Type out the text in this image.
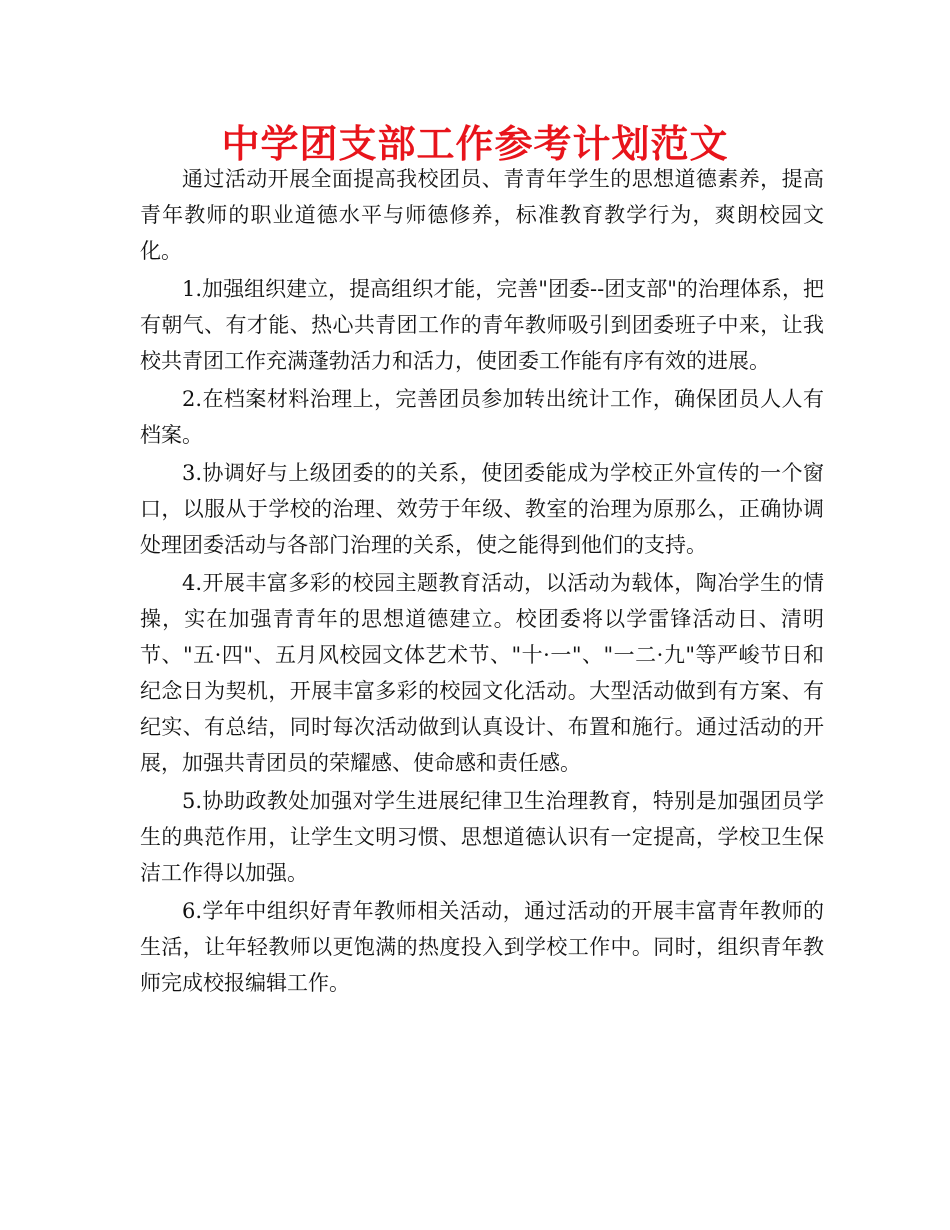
中学团支部工作参考计划范文

通过活动开展全面提高我校团员、青青年学生的思想道德素养，提高青年教师的职业道德水平与师德修养，标准教育教学行为，爽朗校园文化。

1.加强组织建立，提高组织才能，完善"团委--团支部"的治理体系，把有朝气、有才能、热心共青团工作的青年教师吸引到团委班子中来，让我校共青团工作充满蓬勃活力和活力，使团委工作能有序有效的进展。

2.在档案材料治理上，完善团员参加转出统计工作，确保团员人人有档案。

3.协调好与上级团委的的关系，使团委能成为学校正外宣传的一个窗口，以服从于学校的治理、效劳于年级、教室的治理为原那么，正确协调处理团委活动与各部门治理的关系，使之能得到他们的支持。

4.开展丰富多彩的校园主题教育活动，以活动为载体，陶冶学生的情操，实在加强青青年的思想道德建立。校团委将以学雷锋活动日、清明节、"五·四"、五月风校园文体艺术节、"十·一"、"一二·九"等严峻节日和纪念日为契机，开展丰富多彩的校园文化活动。大型活动做到有方案、有纪实、有总结，同时每次活动做到认真设计、布置和施行。通过活动的开展，加强共青团员的荣耀感、使命感和责任感。

5.协助政教处加强对学生进展纪律卫生治理教育，特别是加强团员学生的典范作用，让学生文明习惯、思想道德认识有一定提高，学校卫生保洁工作得以加强。

6.学年中组织好青年教师相关活动，通过活动的开展丰富青年教师的生活，让年轻教师以更饱满的热度投入到学校工作中。同时，组织青年教师完成校报编辑工作。
